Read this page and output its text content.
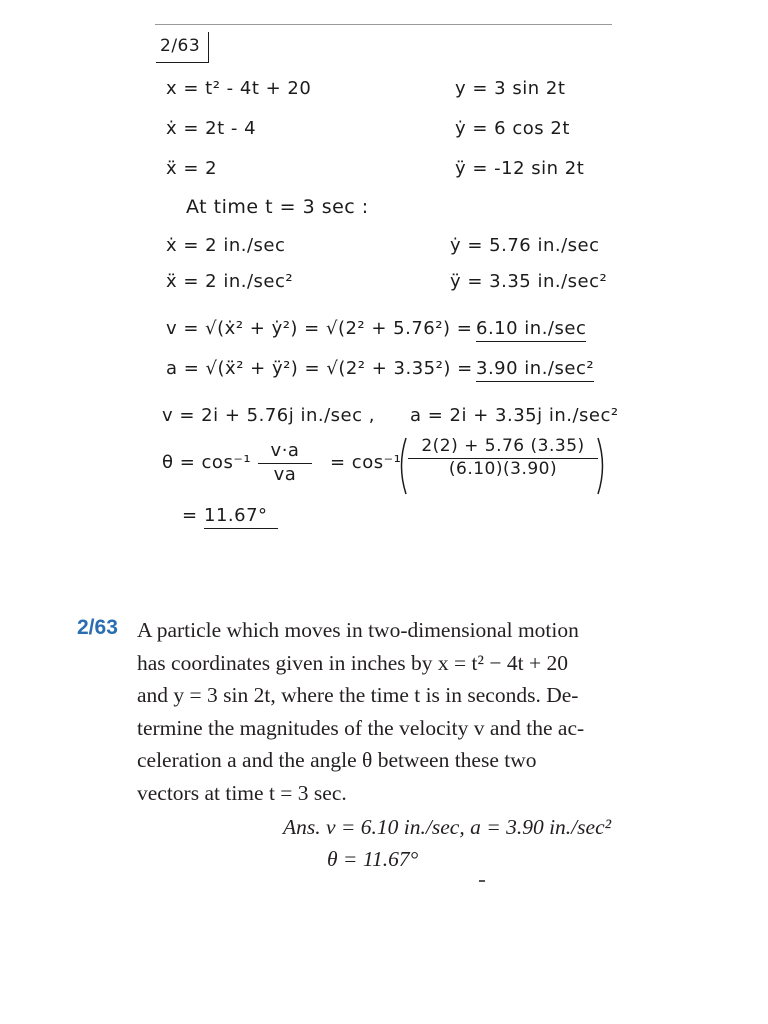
2/63
x = t² - 4t + 20	y = 3 sin 2t
ẋ = 2t - 4	ẏ = 6 cos 2t
ẍ = 2	ÿ = -12 sin 2t
At time t = 3 sec :
ẋ = 2 in./sec	ẏ = 5.76 in./sec
ẍ = 2 in./sec²	ÿ = 3.35 in./sec²
v = √(ẋ² + ẏ²) = √(2² + 5.76²) = 6.10 in./sec
a = √(ẍ² + ÿ²) = √(2² + 3.35²) = 3.90 in./sec²
v = 2i + 5.76j in./sec , a = 2i + 3.35j in./sec²
$\theta = \cos^{-1} \frac{v\cdot a}{va} = \cos^{-1} \frac{2(2) + 5.76 (3.35)}{(6.10)(3.90)}$
= 11.67°
2/63 A particle which moves in two-dimensional motion
has coordinates given in inches by x = t² − 4t + 20
and y = 3 sin 2t, where the time t is in seconds. De-
termine the magnitudes of the velocity v and the ac-
celeration a and the angle θ between these two
vectors at time t = 3 sec.
Ans. v = 6.10 in./sec, a = 3.90 in./sec²
θ = 11.67°
